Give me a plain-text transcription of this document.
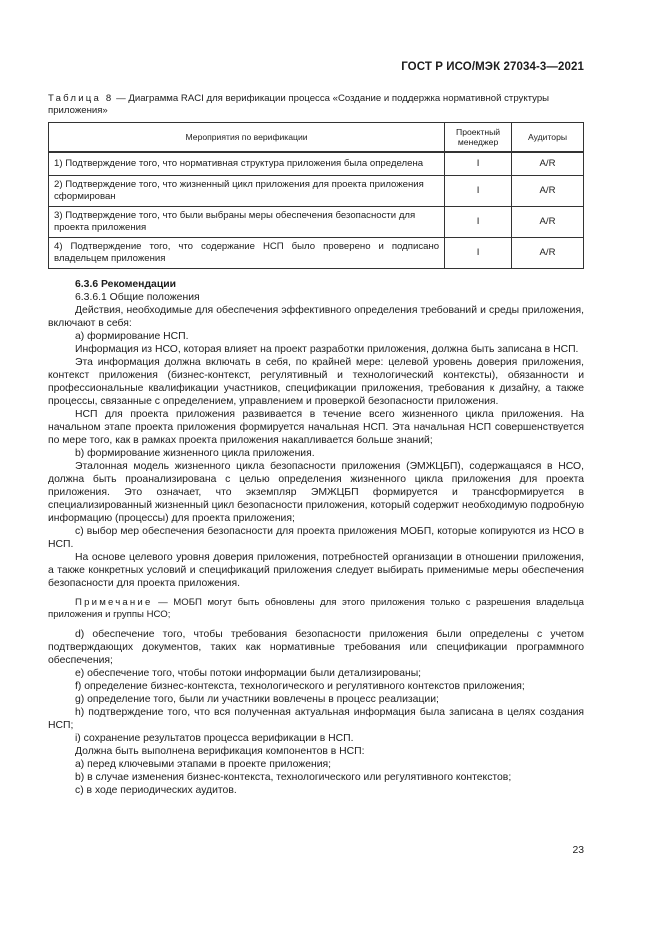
ГОСТ Р ИСО/МЭК 27034-3—2021
Таблица 8 — Диаграмма RACI для верификации процесса «Создание и поддержка нормативной структуры приложения»
Мероприятия по верификации	Проектный менеджер	Аудиторы
1) Подтверждение того, что нормативная структура приложения была определена	I	A/R
2) Подтверждение того, что жизненный цикл приложения для проекта приложения сформирован	I	A/R
3) Подтверждение того, что были выбраны меры обеспечения безопасности для проекта приложения	I	A/R
4) Подтверждение того, что содержание НСП было проверено и подписано владельцем приложения	I	A/R

6.3.6 Рекомендации

6.3.6.1 Общие положения

Действия, необходимые для обеспечения эффективного определения требований и среды приложения, включают в себя:

а) формирование НСП.

Информация из НСО, которая влияет на проект разработки приложения, должна быть записана в НСП.

Эта информация должна включать в себя, по крайней мере: целевой уровень доверия приложения, контекст приложения (бизнес-контекст, регулятивный и технологический контексты), обязанности и профессиональные квалификации участников, спецификации приложения, требования к дизайну, а также процессы, связанные с определением, управлением и проверкой безопасности приложения.

НСП для проекта приложения развивается в течение всего жизненного цикла приложения. На начальном этапе проекта приложения формируется начальная НСП. Эта начальная НСП совершенствуется по мере того, как в рамках проекта приложения накапливается больше знаний;

b) формирование жизненного цикла приложения.

Эталонная модель жизненного цикла безопасности приложения (ЭМЖЦБП), содержащаяся в НСО, должна быть проанализирована с целью определения жизненного цикла приложения для проекта приложения. Это означает, что экземпляр ЭМЖЦБП формируется и трансформируется в специализированный жизненный цикл безопасности приложения, который содержит необходимую подробную информацию (процессы) для проекта приложения;

c) выбор мер обеспечения безопасности для проекта приложения МОБП, которые копируются из НСО в НСП.

На основе целевого уровня доверия приложения, потребностей организации в отношении приложения, а также конкретных условий и спецификаций приложения следует выбирать применимые меры обеспечения безопасности для проекта приложения.

Примечание — МОБП могут быть обновлены для этого приложения только с разрешения владельца приложения и группы НСО;

d) обеспечение того, чтобы требования безопасности приложения были определены с учетом подтверждающих документов, таких как нормативные требования или спецификации программного обеспечения;

e) обеспечение того, чтобы потоки информации были детализированы;

f) определение бизнес-контекста, технологического и регулятивного контекстов приложения;

g) определение того, были ли участники вовлечены в процесс реализации;

h) подтверждение того, что вся полученная актуальная информация была записана в целях создания НСП;

i) сохранение результатов процесса верификации в НСП.

Должна быть выполнена верификация компонентов в НСП:

a) перед ключевыми этапами в проекте приложения;

b) в случае изменения бизнес-контекста, технологического или регулятивного контекстов;

c) в ходе периодических аудитов.

23
